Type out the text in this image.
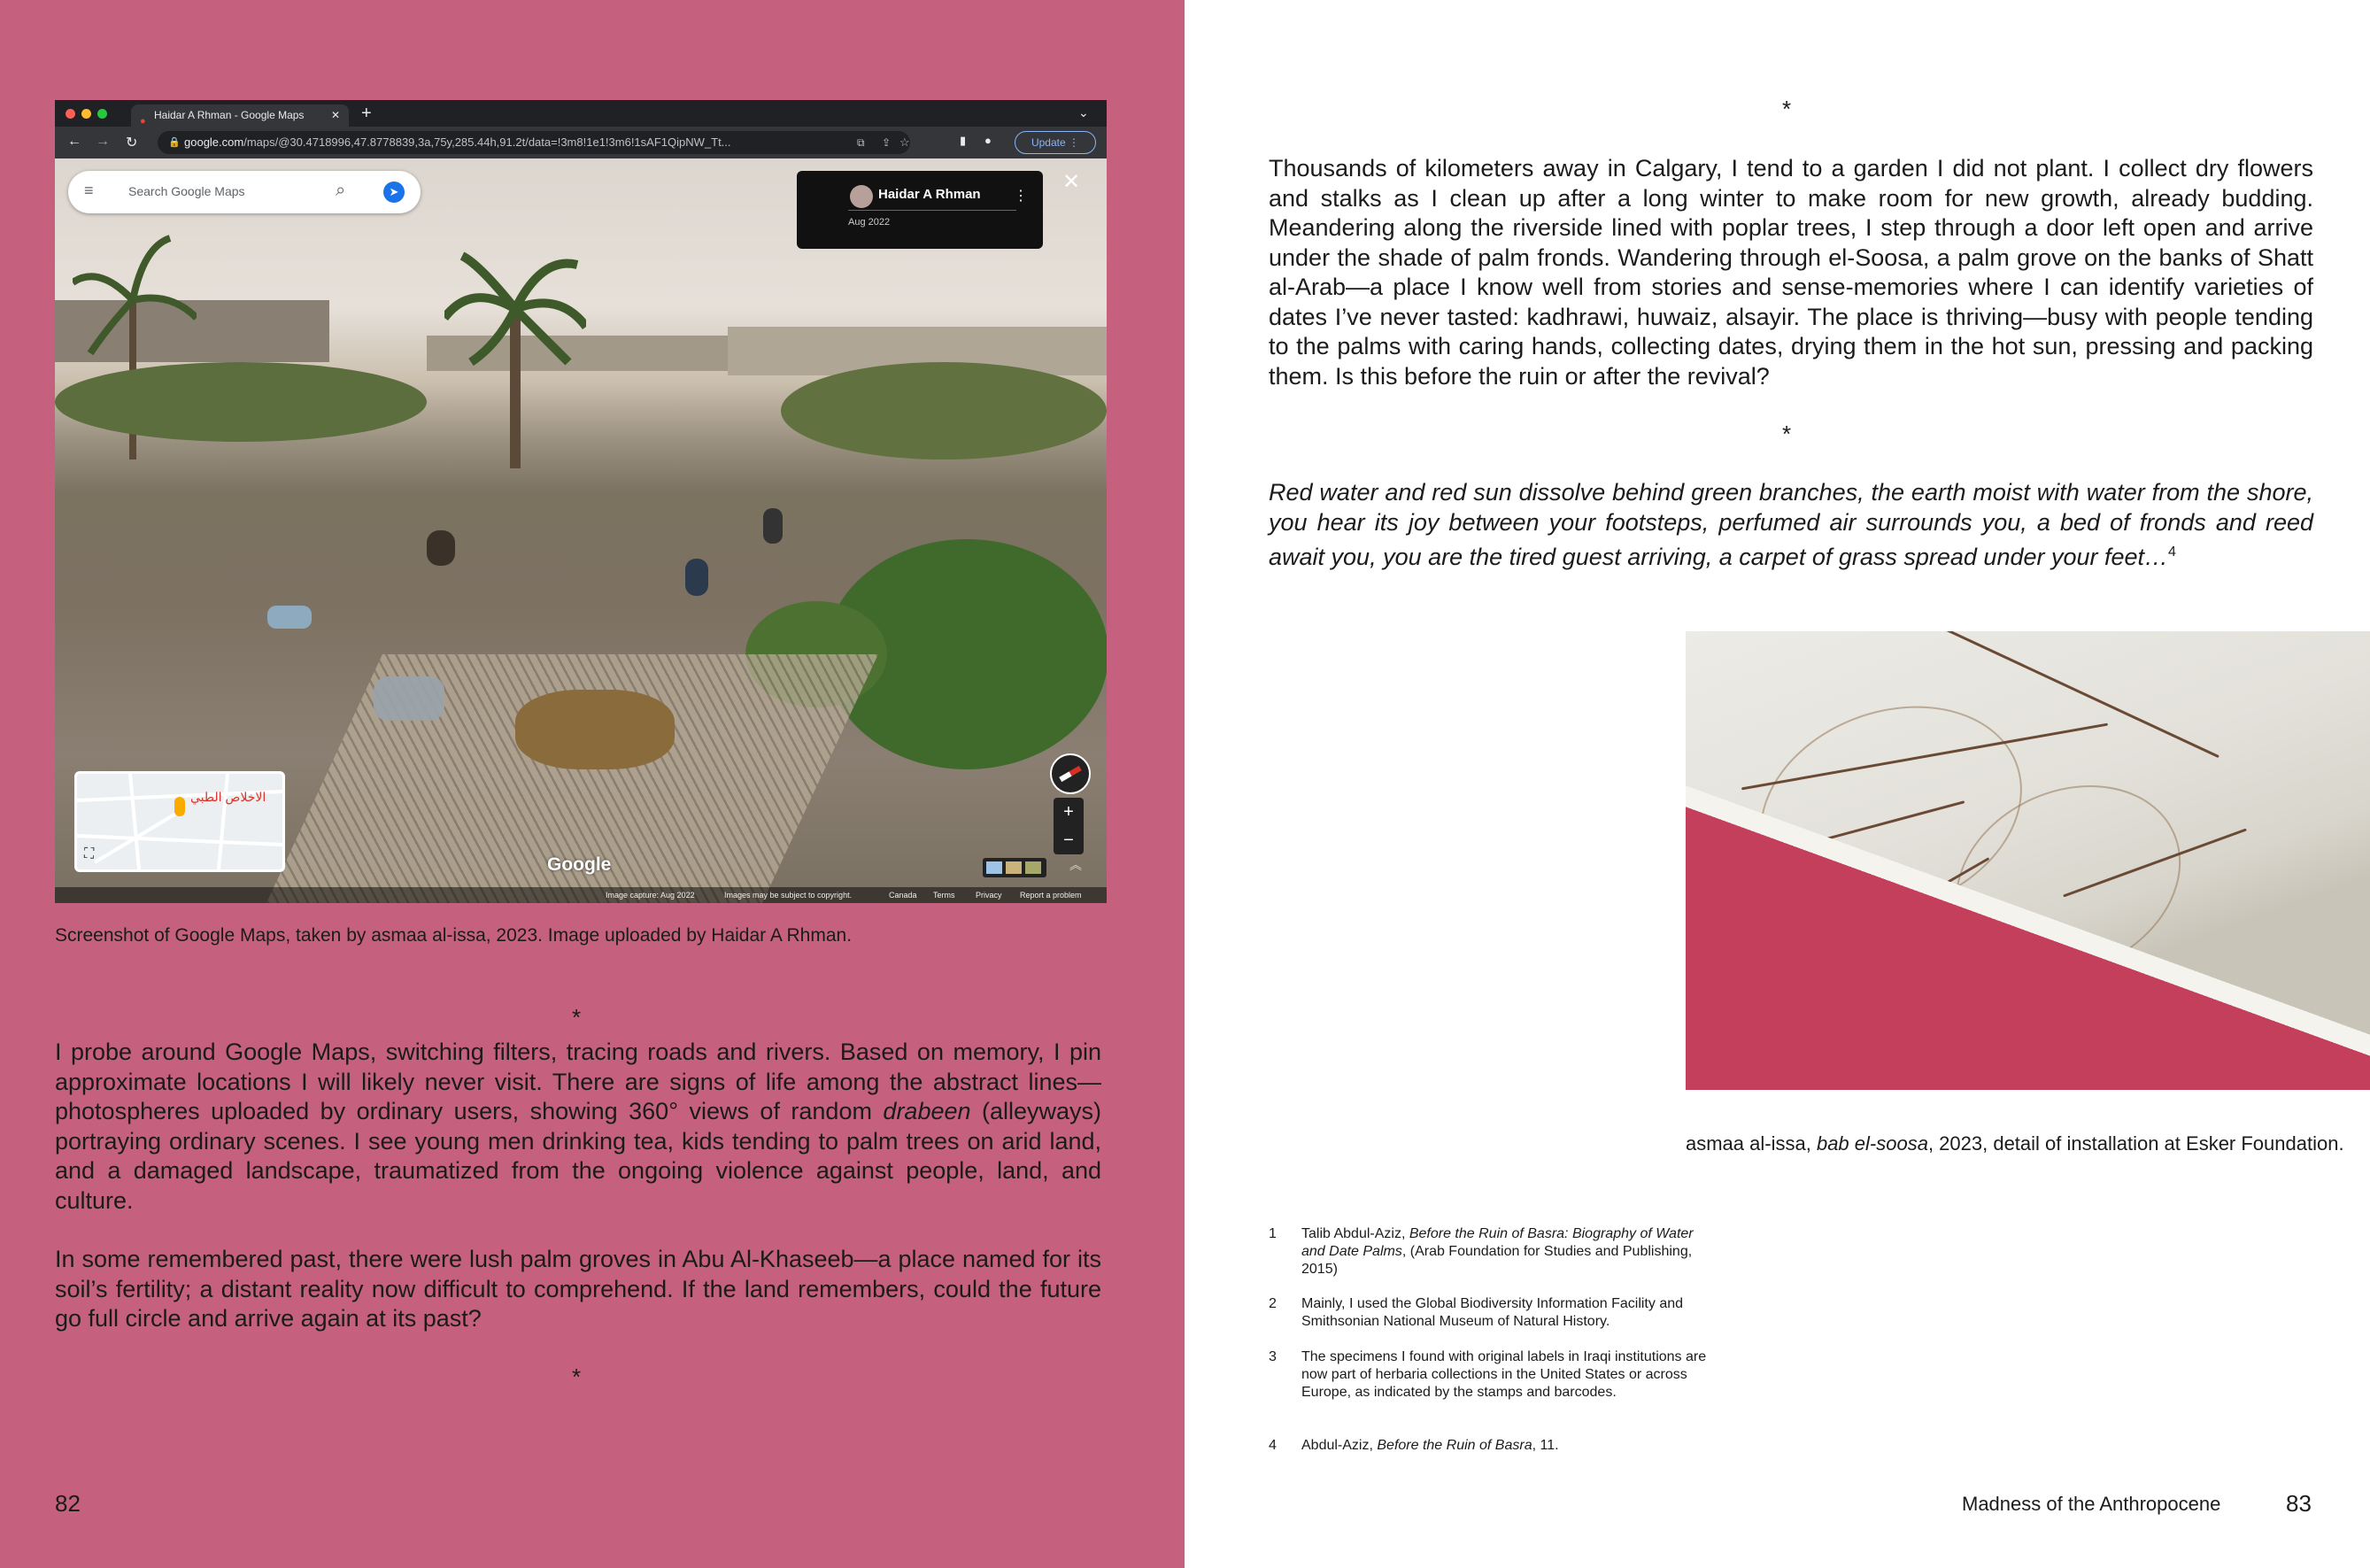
● Haidar A Rhman - Google Maps	✕ +	⌄
← → ↻	🔒 google.com/maps/@30.4718996,47.8778839,3a,75y,285.44h,91.2t/data=!3m8!1e1!3m6!1sAF1QipNW_Tt...	⧉ ⇪ ☆	▮ ●	Update ⋮
≡	Search Google Maps	⌕	➤	Haidar A Rhman
Aug 2022
⋮
✕
الاخلاص الطبي
⛶
Google
+
−
︽
Image capture: Aug 2022	Images may be subject to copyright.	Canada Terms	Privacy Report a problem
Screenshot of Google Maps, taken by asmaa al-issa, 2023. Image uploaded by Haidar A Rhman.
*
I probe around Google Maps, switching filters, tracing roads and rivers. Based on memory, I pin approximate locations I will likely never visit. There are signs of life among the abstract lines—photospheres uploaded by ordinary users, showing 360° views of random drabeen (alleyways) portraying ordinary scenes. I see young men drinking tea, kids tending to palm trees on arid land, and a damaged landscape, traumatized from the ongoing violence against people, land, and culture.
In some remembered past, there were lush palm groves in Abu Al-Khaseeb—a place named for its soil’s fertility; a distant reality now difficult to comprehend. If the land remembers, could the future go full circle and arrive again at its past?
*
82
*
Thousands of kilometers away in Calgary, I tend to a garden I did not plant. I collect dry flowers and stalks as I clean up after a long winter to make room for new growth, already budding. Meandering along the riverside lined with poplar trees, I step through a door left open and arrive under the shade of palm fronds. Wandering through el-Soosa, a palm grove on the banks of Shatt al-Arab—a place I know well from stories and sense-memories where I can identify varieties of dates I’ve never tasted: kadhrawi, huwaiz, alsayir. The place is thriving—busy with people tending to the palms with caring hands, collecting dates, drying them in the hot sun, pressing and packing them. Is this before the ruin or after the revival?
*
Red water and red sun dissolve behind green branches, the earth moist with water from the shore, you hear its joy between your footsteps, perfumed air surrounds you, a bed of fronds and reed await you, you are the tired guest arriving, a carpet of grass spread under your feet…$^4$
asmaa al-issa, bab el-soosa, 2023, detail of installation at Esker Foundation.
1 Talib Abdul-Aziz, Before the Ruin of Basra: Biography of Water and Date Palms, (Arab Foundation for Studies and Publishing, 2015)
2 Mainly, I used the Global Biodiversity Information Facility and Smithsonian National Museum of Natural History.
3 The specimens I found with original labels in Iraqi institutions are now part of herbaria collections in the United States or across Europe, as indicated by the stamps and barcodes.
4 Abdul-Aziz, Before the Ruin of Basra, 11.
Madness of the Anthropocene	83
